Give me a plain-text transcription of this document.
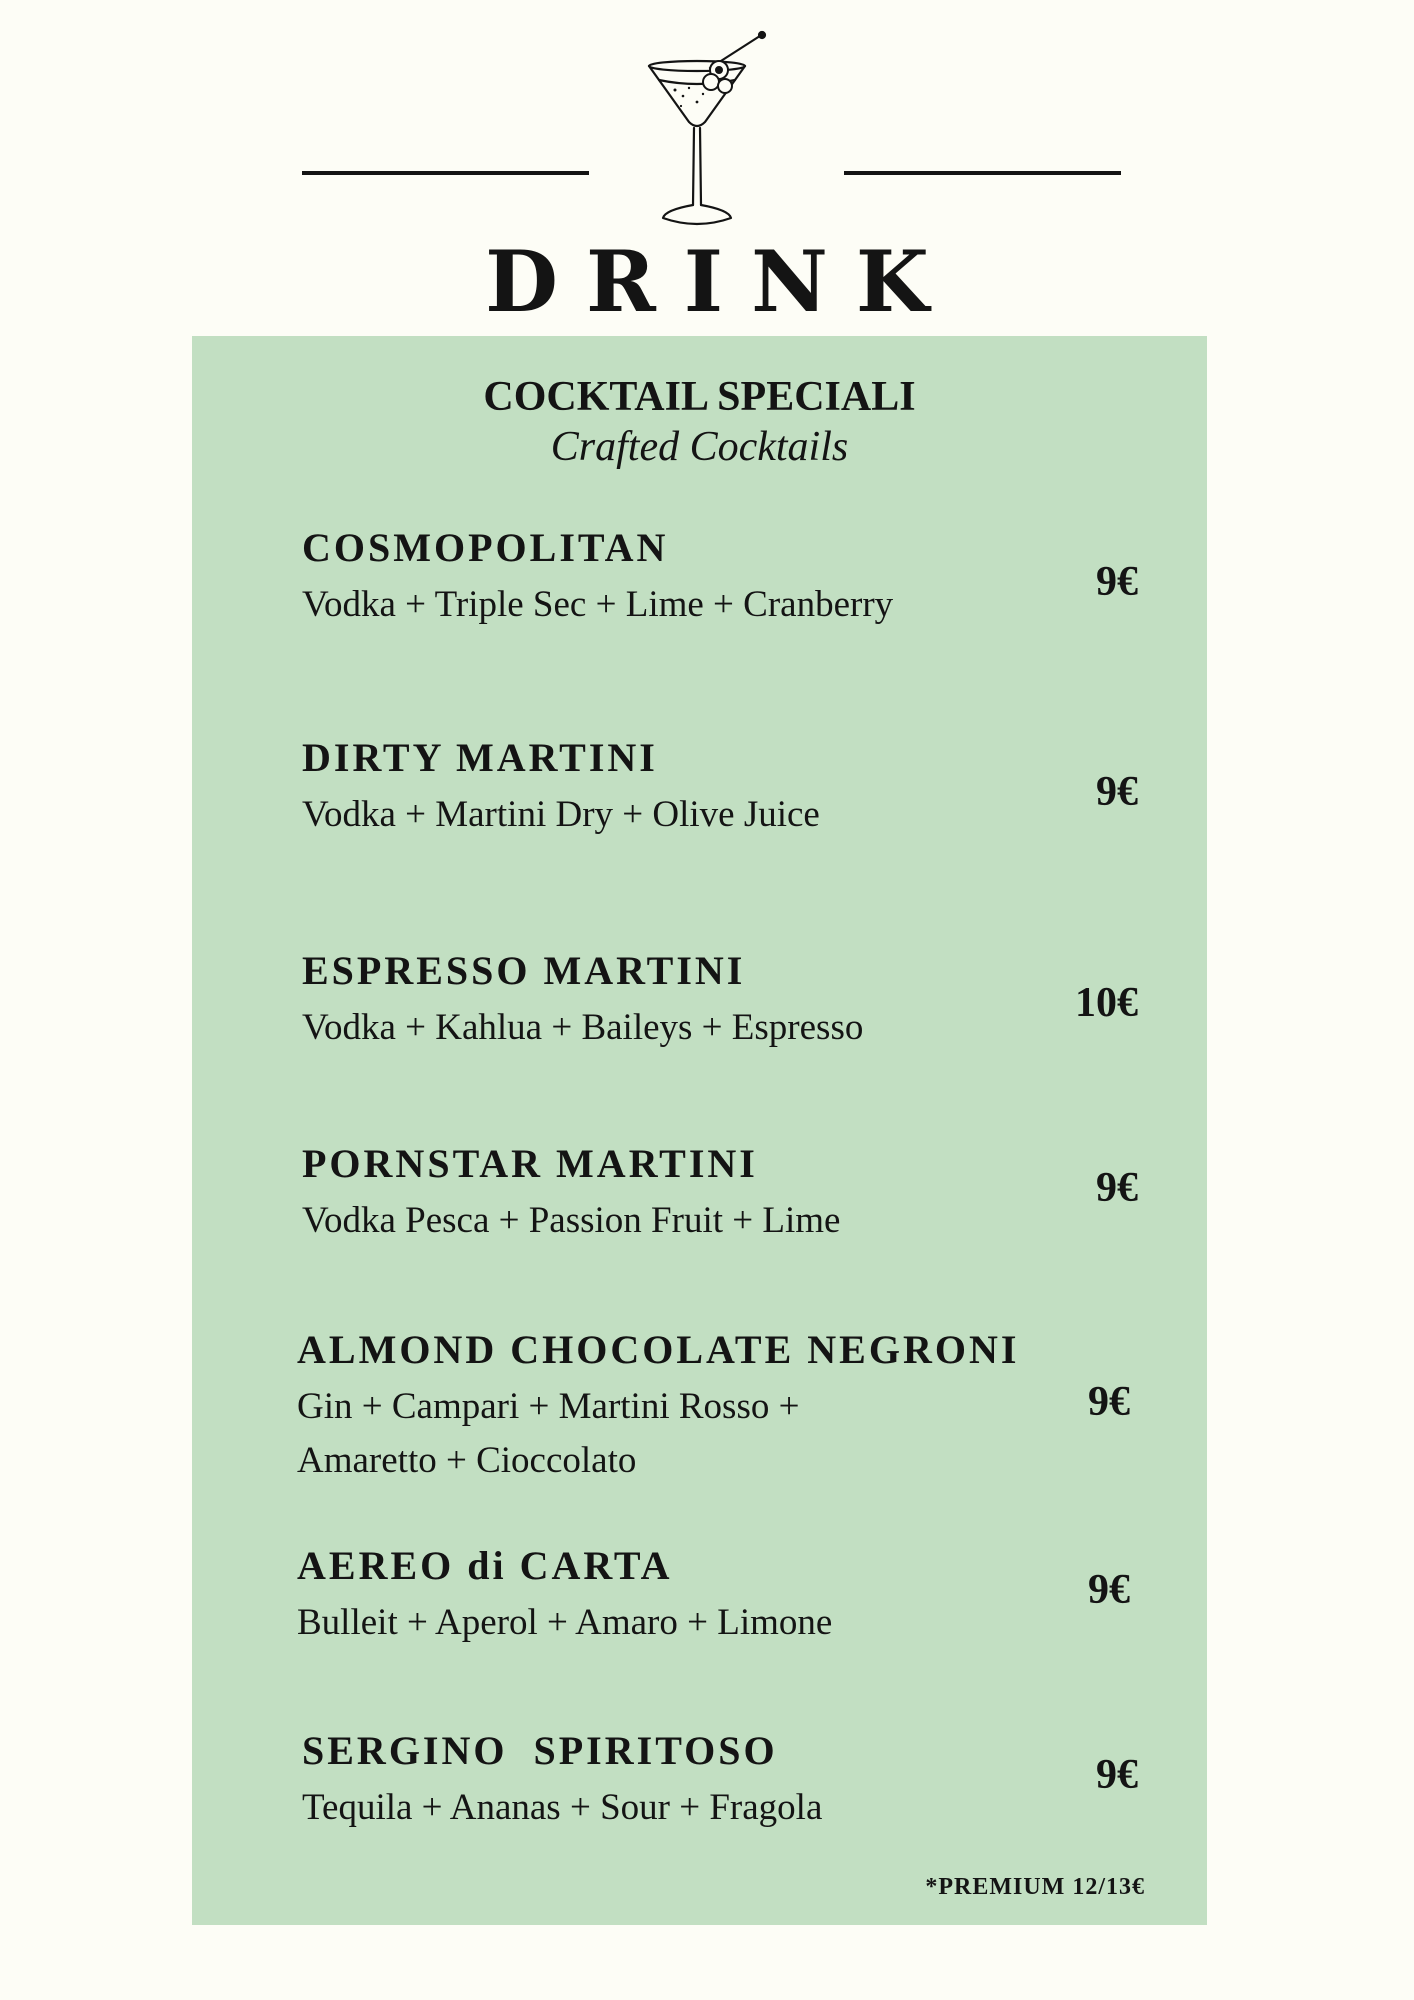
DRINK
COCKTAIL SPECIALI
Crafted Cocktails
COSMOPOLITAN
Vodka + Triple Sec + Lime + Cranberry	9€
DIRTY MARTINI
Vodka + Martini Dry + Olive Juice	9€
ESPRESSO MARTINI
Vodka + Kahlua + Baileys + Espresso
10€
PORNSTAR MARTINI
Vodka Pesca + Passion Fruit + Lime
9€
ALMOND CHOCOLATE NEGRONI
Gin + Campari + Martini Rosso + Amaretto + Cioccolato
9€
AEREO di CARTA
Bulleit + Aperol + Amaro + Limone
9€
SERGINO  SPIRITOSO
Tequila + Ananas + Sour + Fragola
9€
*PREMIUM 12/13€
